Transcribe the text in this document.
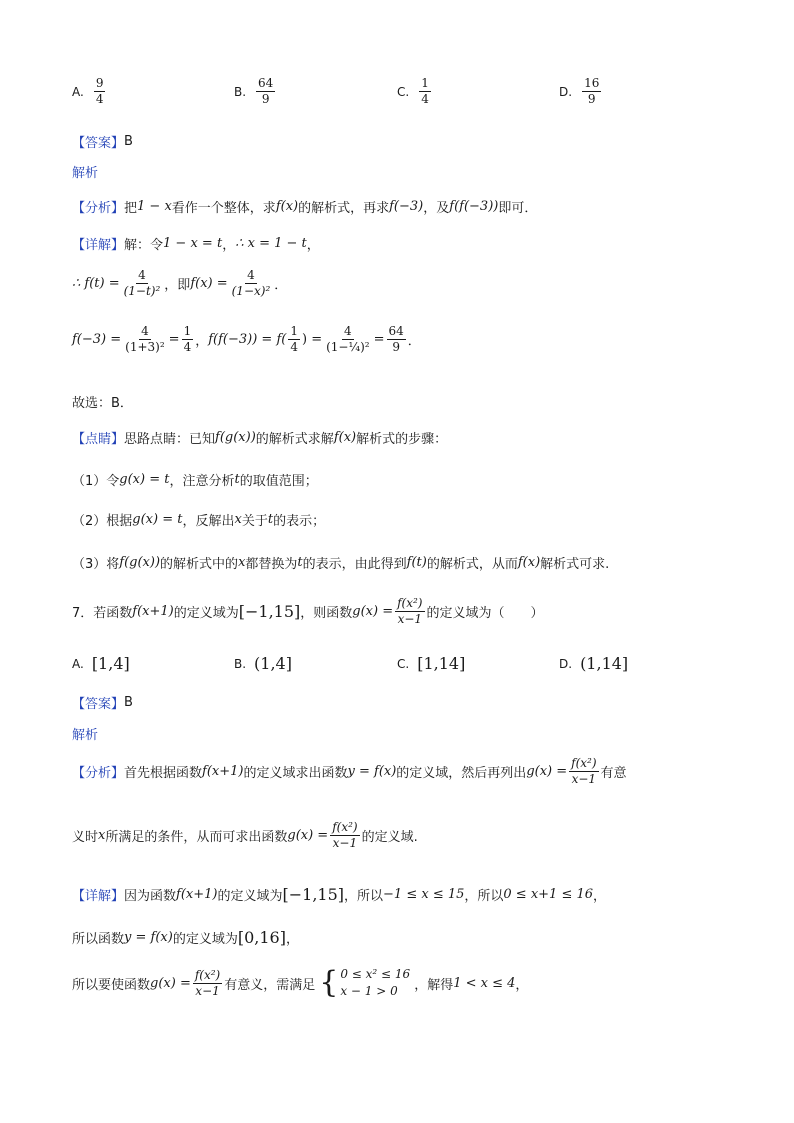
A. $\frac{9}{4}$	B. $\frac{64}{9}$	C. $\frac{1}{4}$	D. $\frac{16}{9}$
【答案】 B
解析
【分析】 把 1 − x 看作一个整体，求 f(x) 的解析式，再求 f(−3) ，及 f(f(−3)) 即可．
【详解】 解：令 1 − x = t ， ∴ x = 1 − t ，
∴ $f(t) = \frac{4}{\text{(1−t)²}}$ ，即 $f(x) = \frac{4}{\text{(1−x)²}}$ ．
$f(-3) = \frac{4}{\text{(1+3)²}} = \frac{1}{4}$ ， $f(f(-3)) = f( \frac{1}{4}$ ) = $\frac{4}{\text{(1−¼)²}} = \frac{64}{9}$ ．
故选：B．
【点睛】 思路点睛：已知 f(g(x)) 的解析式求解 f(x) 解析式的步骤：
（1）令 g(x) = t ，注意分析 t 的取值范围；
（2）根据 g(x) = t ，反解出 x 关于 t 的表示；
（3）将 f(g(x)) 的解析式中的 x 都替换为 t 的表示，由此得到 f(t) 的解析式，从而 f(x) 解析式可求.
7．若函数 f(x+1) 的定义域为 [−1,15] ，则函数 $g(x) = \frac{\text{f(x²)}}{x-1}$ 的定义域为（　　）
A. [1,4]	B. (1,4]	C. [1,14]	D. (1,14]
【答案】 B
解析
【分析】 首先根据函数 f(x+1) 的定义域求出函数 y = f(x) 的定义域，然后再列出 $g(x) = \frac{\text{f(x²)}}{x-1}$ 有意
义时 x 所满足的条件，从而可求出函数 $g(x) = \frac{\text{f(x²)}}{x-1}$ 的定义域.
【详解】 因为函数 f(x+1) 的定义域为 [−1,15] ，所以 −1 ≤ x ≤ 15 ，所以 0 ≤ x+1 ≤ 16 ，
所以函数 y = f(x) 的定义域为 [0,16] ，
所以要使函数 $g(x) = \frac{\text{f(x²)}}{x-1}$ 有意义，需满足 { 0 ≤ x² ≤ 16
x − 1 > 0	，解得 1 < x ≤ 4 ，
